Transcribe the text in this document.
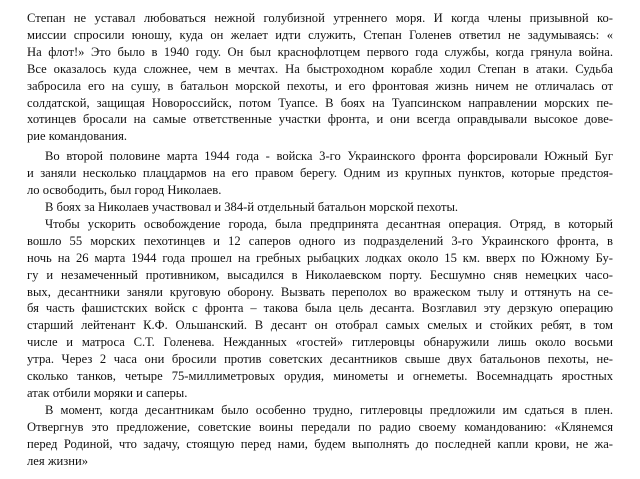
Степан не уставал любоваться нежной голубизной утреннего моря. И когда члены призывной ко-
миссии спросили юношу, куда он желает идти служить, Степан Голенев ответил не задумываясь: «
На флот!» Это было в 1940 году. Он был краснофлотцем первого года службы, когда грянула война.
Все оказалось куда сложнее, чем в мечтах. На быстроходном корабле ходил Степан в атаки. Судьба
забросила его на сушу, в батальон морской пехоты, и его фронтовая жизнь ничем не отличалась от
солдатской, защищая Новороссийск, потом Туапсе. В боях на Туапсинском направлении морских пе-
хотинцев бросали на самые ответственные участки фронта, и они всегда оправдывали высокое дове-
рие командования.
Во второй половине марта 1944 года - войска 3-го Украинского фронта форсировали Южный Буг
и заняли несколько плацдармов на его правом берегу. Одним из крупных пунктов, которые предстоя-
ло освободить, был город Николаев.
В боях за Николаев участвовал и 384-й отдельный батальон морской пехоты.
Чтобы ускорить освобождение города, была предпринята десантная операция. Отряд, в который
вошло 55 морских пехотинцев и 12 саперов одного из подразделений 3-го Украинского фронта, в
ночь на 26 марта 1944 года прошел на гребных рыбацких лодках около 15 км. вверх по Южному Бу-
гу и незамеченный противником, высадился в Николаевском порту. Бесшумно сняв немецких часо-
вых, десантники заняли круговую оборону. Вызвать переполох во вражеском тылу и оттянуть на се-
бя часть фашистских войск с фронта – такова была цель десанта. Возглавил эту дерзкую операцию
старший лейтенант К.Ф. Ольшанский. В десант он отобрал самых смелых и стойких ребят, в том
числе и матроса С.Т. Голенева. Нежданных «гостей» гитлеровцы обнаружили лишь около восьми
утра. Через 2 часа они бросили против советских десантников свыше двух батальонов пехоты, не-
сколько танков, четыре 75-миллиметровых орудия, минометы и огнеметы. Восемнадцать яростных
атак отбили моряки и саперы.
В момент, когда десантникам было особенно трудно, гитлеровцы предложили им сдаться в плен.
Отвергнув это предложение, советские воины передали по радио своему командованию: «Клянемся
перед Родиной, что задачу, стоящую перед нами, будем выполнять до последней капли крови, не жа-
лея жизни»
